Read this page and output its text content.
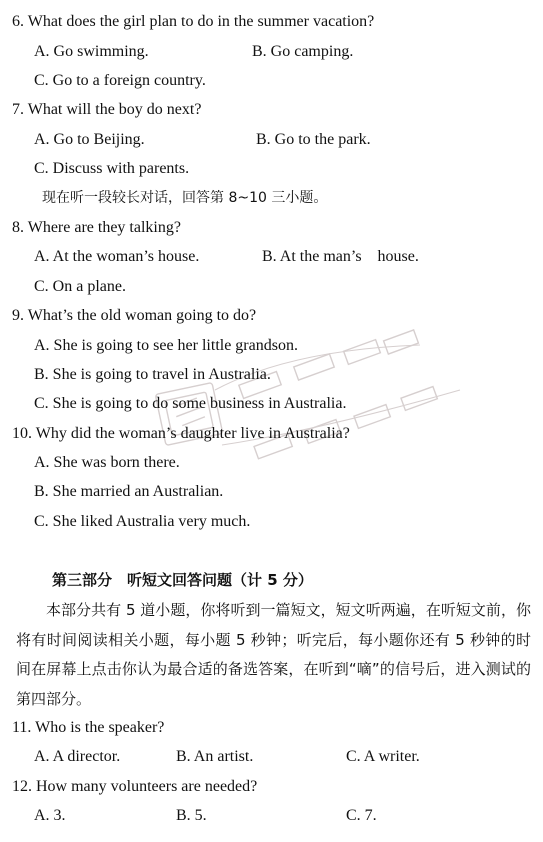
6. What does the girl plan to do in the summer vacation?
A. Go swimming.	B. Go camping.
C. Go to a foreign country.
7. What will the boy do next?
A. Go to Beijing.	B. Go to the park.
C. Discuss with parents.
现在听一段较长对话，回答第 8~10 三小题。
8. Where are they talking?
A. At the woman’s house.	B. At the man’s    house.
C. On a plane.
9. What’s the old woman going to do?
A. She is going to see her little grandson.
B. She is going to travel in Australia.
C. She is going to do some business in Australia.
10. Why did the woman’s daughter live in Australia?
A. She was born there.
B. She married an Australian.
C. She liked Australia very much.
第三部分　听短文回答问题（计 5 分）
本部分共有 5 道小题，你将听到一篇短文，短文听两遍，在听短文前，你将有时间阅读相关小题，每小题 5 秒钟；听完后，每小题你还有 5 秒钟的时间在屏幕上点击你认为最合适的备选答案，在听到“嘀”的信号后，进入测试的第四部分。
11. Who is the speaker?
A. A director.	B. An artist.	C. A writer.
12. How many volunteers are needed?
A. 3.	B. 5.	C. 7.
